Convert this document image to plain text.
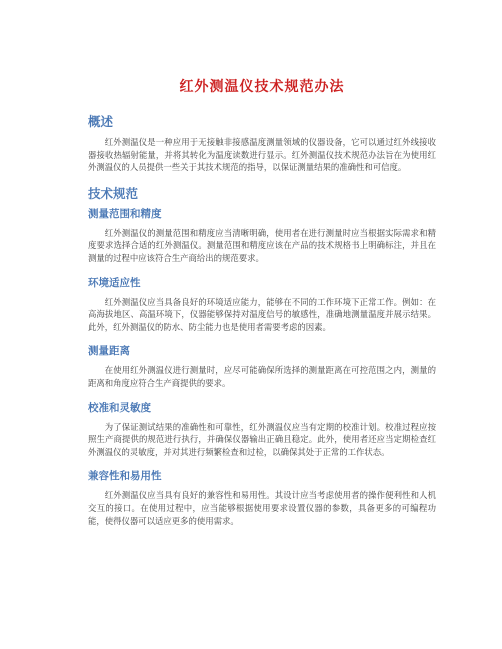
红外测温仪技术规范办法
概述

红外测温仪是一种应用于无接触非接感温度测量领域的仪器设备，它可以通过红外线接收器接收热辐射能量，并将其转化为温度读数进行显示。红外测温仪技术规范办法旨在为使用红外测温仪的人员提供一些关于其技术规范的指导，以保证测量结果的准确性和可信度。

技术规范
测量范围和精度

红外测温仪的测量范围和精度应当清晰明确，使用者在进行测量时应当根据实际需求和精度要求选择合适的红外测温仪。测量范围和精度应该在产品的技术规格书上明确标注，并且在测量的过程中应该符合生产商给出的规范要求。

环境适应性

红外测温仪应当具备良好的环境适应能力，能够在不同的工作环境下正常工作。例如：在高海拔地区、高温环境下，仪器能够保持对温度信号的敏感性，准确地测量温度并展示结果。此外，红外测温仪的防水、防尘能力也是使用者需要考虑的因素。

测量距离

在使用红外测温仪进行测量时，应尽可能确保所选择的测量距离在可控范围之内，测量的距离和角度应符合生产商提供的要求。

校准和灵敏度

为了保证测试结果的准确性和可靠性，红外测温仪应当有定期的校准计划。校准过程应按照生产商提供的规范进行执行，并确保仪器输出正确且稳定。此外，使用者还应当定期检查红外测温仪的灵敏度，并对其进行频繁检查和过检，以确保其处于正常的工作状态。

兼容性和易用性

红外测温仪应当具有良好的兼容性和易用性。其设计应当考虑使用者的操作便利性和人机交互的接口。在使用过程中，应当能够根据使用要求设置仪器的参数，具备更多的可编程功能，使得仪器可以适应更多的使用需求。
